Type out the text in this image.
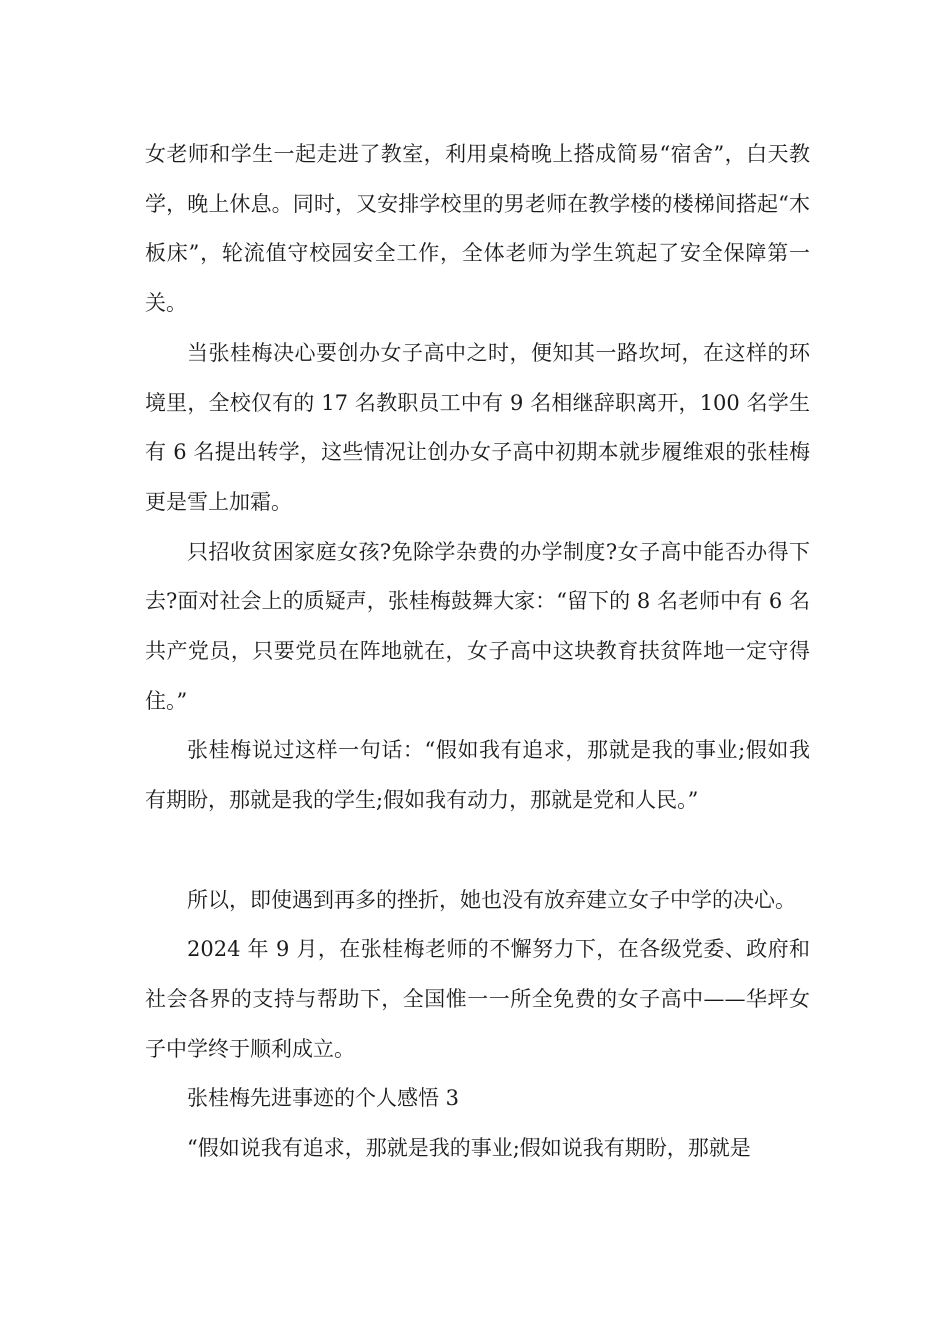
女老师和学生一起走进了教室，利用桌椅晚上搭成简易“宿舍”，白天教学，晚上休息。同时，又安排学校里的男老师在教学楼的楼梯间搭起“木板床”，轮流值守校园安全工作，全体老师为学生筑起了安全保障第一关。

当张桂梅决心要创办女子高中之时，便知其一路坎坷，在这样的环境里，全校仅有的 17 名教职员工中有 9 名相继辞职离开，100 名学生有 6 名提出转学，这些情况让创办女子高中初期本就步履维艰的张桂梅更是雪上加霜。

只招收贫困家庭女孩?免除学杂费的办学制度?女子高中能否办得下去?面对社会上的质疑声，张桂梅鼓舞大家：“留下的 8 名老师中有 6 名共产党员，只要党员在阵地就在，女子高中这块教育扶贫阵地一定守得住。”

张桂梅说过这样一句话：“假如我有追求，那就是我的事业;假如我有期盼，那就是我的学生;假如我有动力，那就是党和人民。”

所以，即使遇到再多的挫折，她也没有放弃建立女子中学的决心。

2024 年 9 月，在张桂梅老师的不懈努力下，在各级党委、政府和社会各界的支持与帮助下，全国惟一一所全免费的女子高中——华坪女子中学终于顺利成立。

张桂梅先进事迹的个人感悟 3

“假如说我有追求，那就是我的事业;假如说我有期盼，那就是
